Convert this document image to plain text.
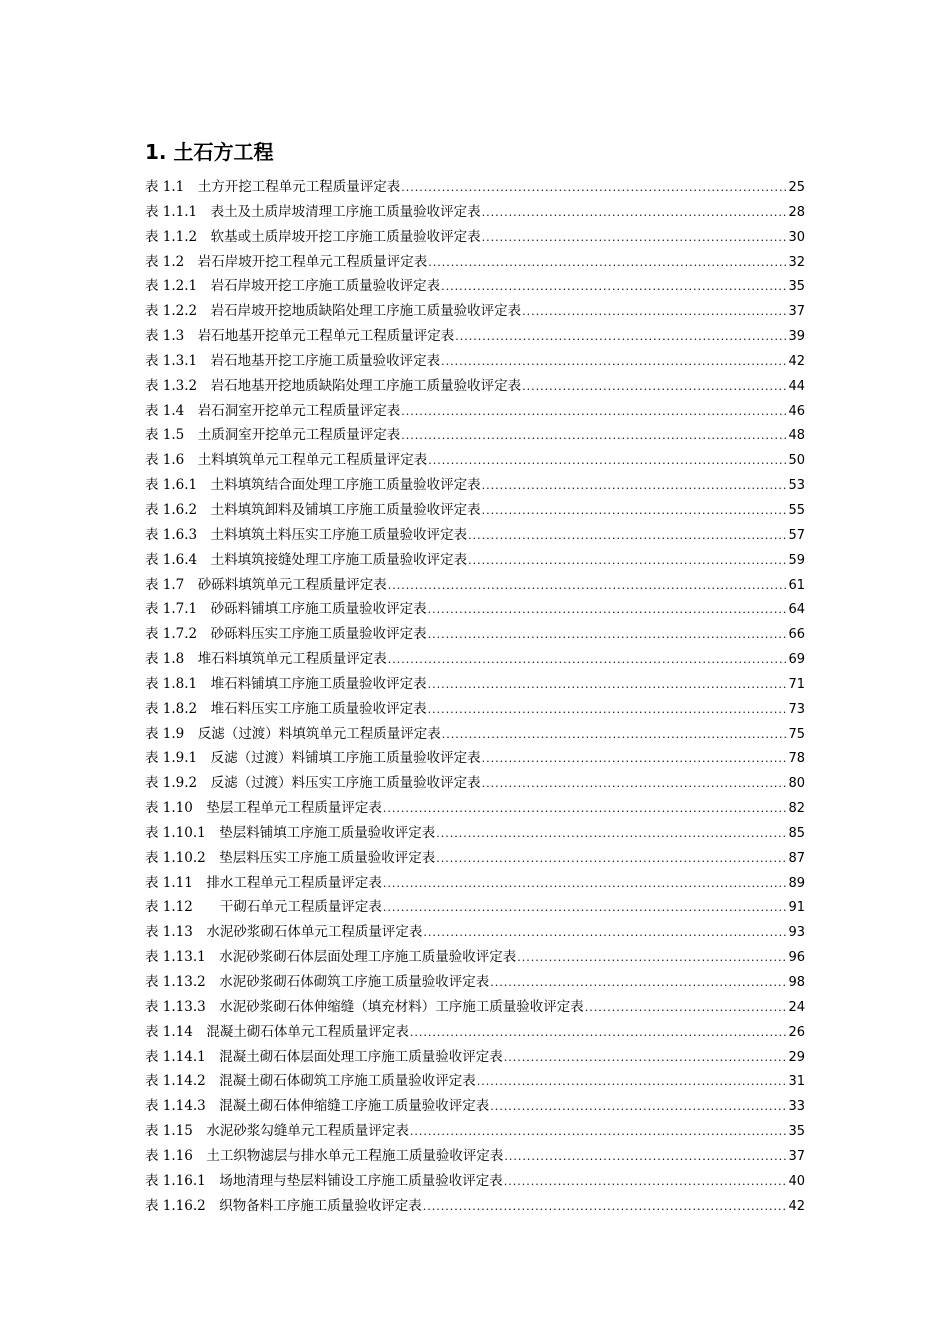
1. 土石方工程
表 1.1　 土方开挖工程单元工程质量评定表 .....	25
表 1.1.1　 表土及土质岸坡清理工序施工质量验收评定表 .....	28
表 1.1.2　 软基或土质岸坡开挖工序施工质量验收评定表 .....	30
表 1.2　 岩石岸坡开挖工程单元工程质量评定表 .....	32
表 1.2.1　 岩石岸坡开挖工序施工质量验收评定表 .....	35
表 1.2.2　 岩石岸坡开挖地质缺陷处理工序施工质量验收评定表 .....	37
表 1.3　 岩石地基开挖单元工程单元工程质量评定表 .....	39
表 1.3.1　 岩石地基开挖工序施工质量验收评定表 .....	42
表 1.3.2　 岩石地基开挖地质缺陷处理工序施工质量验收评定表 .....	44
表 1.4　 岩石洞室开挖单元工程质量评定表 .....	46
表 1.5　 土质洞室开挖单元工程质量评定表 .....	48
表 1.6　 土料填筑单元工程单元工程质量评定表 .....	50
表 1.6.1　 土料填筑结合面处理工序施工质量验收评定表 .....	53
表 1.6.2　 土料填筑卸料及铺填工序施工质量验收评定表 .....	55
表 1.6.3　 土料填筑土料压实工序施工质量验收评定表 .....	57
表 1.6.4　 土料填筑接缝处理工序施工质量验收评定表 .....	59
表 1.7　 砂砾料填筑单元工程质量评定表 .....	61
表 1.7.1　 砂砾料铺填工序施工质量验收评定表 .....	64
表 1.7.2　 砂砾料压实工序施工质量验收评定表 .....	66
表 1.8　 堆石料填筑单元工程质量评定表 .....	69
表 1.8.1　 堆石料铺填工序施工质量验收评定表 .....	71
表 1.8.2　 堆石料压实工序施工质量验收评定表 .....	73
表 1.9　 反滤（过渡）料填筑单元工程质量评定表 .....	75
表 1.9.1　 反滤（过渡）料铺填工序施工质量验收评定表 .....	78
表 1.9.2　 反滤（过渡）料压实工序施工质量验收评定表 .....	80
表 1.10　 垫层工程单元工程质量评定表 .....	82
表 1.10.1　 垫层料铺填工序施工质量验收评定表 .....	85
表 1.10.2　 垫层料压实工序施工质量验收评定表 .....	87
表 1.11　 排水工程单元工程质量评定表 .....	89
表 1.12　　 干砌石单元工程质量评定表 .....	91
表 1.13　 水泥砂浆砌石体单元工程质量评定表 .....	93
表 1.13.1　 水泥砂浆砌石体层面处理工序施工质量验收评定表 .....	96
表 1.13.2　 水泥砂浆砌石体砌筑工序施工质量验收评定表 .....	98
表 1.13.3　 水泥砂浆砌石体伸缩缝（填充材料）工序施工质量验收评定表 .....	24
表 1.14　 混凝土砌石体单元工程质量评定表 .....	26
表 1.14.1　 混凝土砌石体层面处理工序施工质量验收评定表 .....	29
表 1.14.2　 混凝土砌石体砌筑工序施工质量验收评定表 .....	31
表 1.14.3　 混凝土砌石体伸缩缝工序施工质量验收评定表 .....	33
表 1.15　 水泥砂浆勾缝单元工程质量评定表 .....	35
表 1.16　 土工织物滤层与排水单元工程施工质量验收评定表 .....	37
表 1.16.1　 场地清理与垫层料铺设工序施工质量验收评定表 .....	40
表 1.16.2　 织物备料工序施工质量验收评定表 .....	42
